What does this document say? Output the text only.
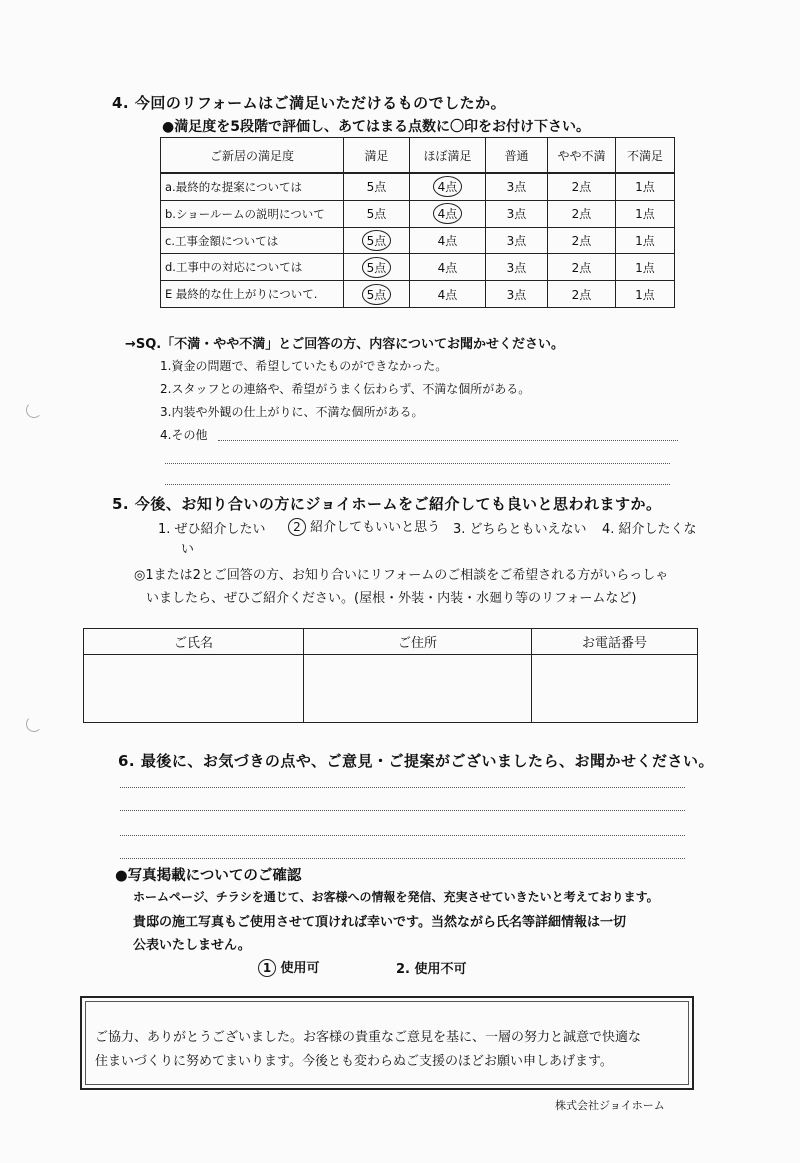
4. 今回のリフォームはご満足いただけるものでしたか。
●満足度を5段階で評価し、あてはまる点数に〇印をお付け下さい。
ご新居の満足度	満足	ほぼ満足	普通	やや不満	不満足
a.最終的な提案については	5点	4点	3点	2点	1点
b.ショールームの説明について	5点	4点	3点	2点	1点
c.工事金額については	5点	4点	3点	2点	1点
d.工事中の対応については	5点	4点	3点	2点	1点
E 最終的な仕上がりについて.	5点	4点	3点	2点	1点
→SQ.「不満・やや不満」とご回答の方、内容についてお聞かせください。
1.資金の問題で、希望していたものができなかった。
2.スタッフとの連絡や、希望がうまく伝わらず、不満な個所がある。
3.内装や外観の仕上がりに、不満な個所がある。
4.その他
5. 今後、お知り合いの方にジョイホームをご紹介しても良いと思われますか。
1. ぜひ紹介したい	2 紹介してもいいと思う 3. どちらともいえない 4. 紹介したくな
い
◎1または2とご回答の方、お知り合いにリフォームのご相談をご希望される方がいらっしゃ
いましたら、ぜひご紹介ください。(屋根・外装・内装・水廻り等のリフォームなど)
ご氏名	ご住所	お電話番号

6. 最後に、お気づきの点や、ご意見・ご提案がございましたら、お聞かせください。
●写真掲載についてのご確認
ホームページ、チラシを通じて、お客様への情報を発信、充実させていきたいと考えております。
貴邸の施工写真もご使用させて頂ければ幸いです。当然ながら氏名等詳細情報は一切
公表いたしません。
1 使用可	2. 使用不可
ご協力、ありがとうございました。お客様の貴重なご意見を基に、一層の努力と誠意で快適な
住まいづくりに努めてまいります。今後とも変わらぬご支援のほどお願い申しあげます。
株式会社ジョイホーム
